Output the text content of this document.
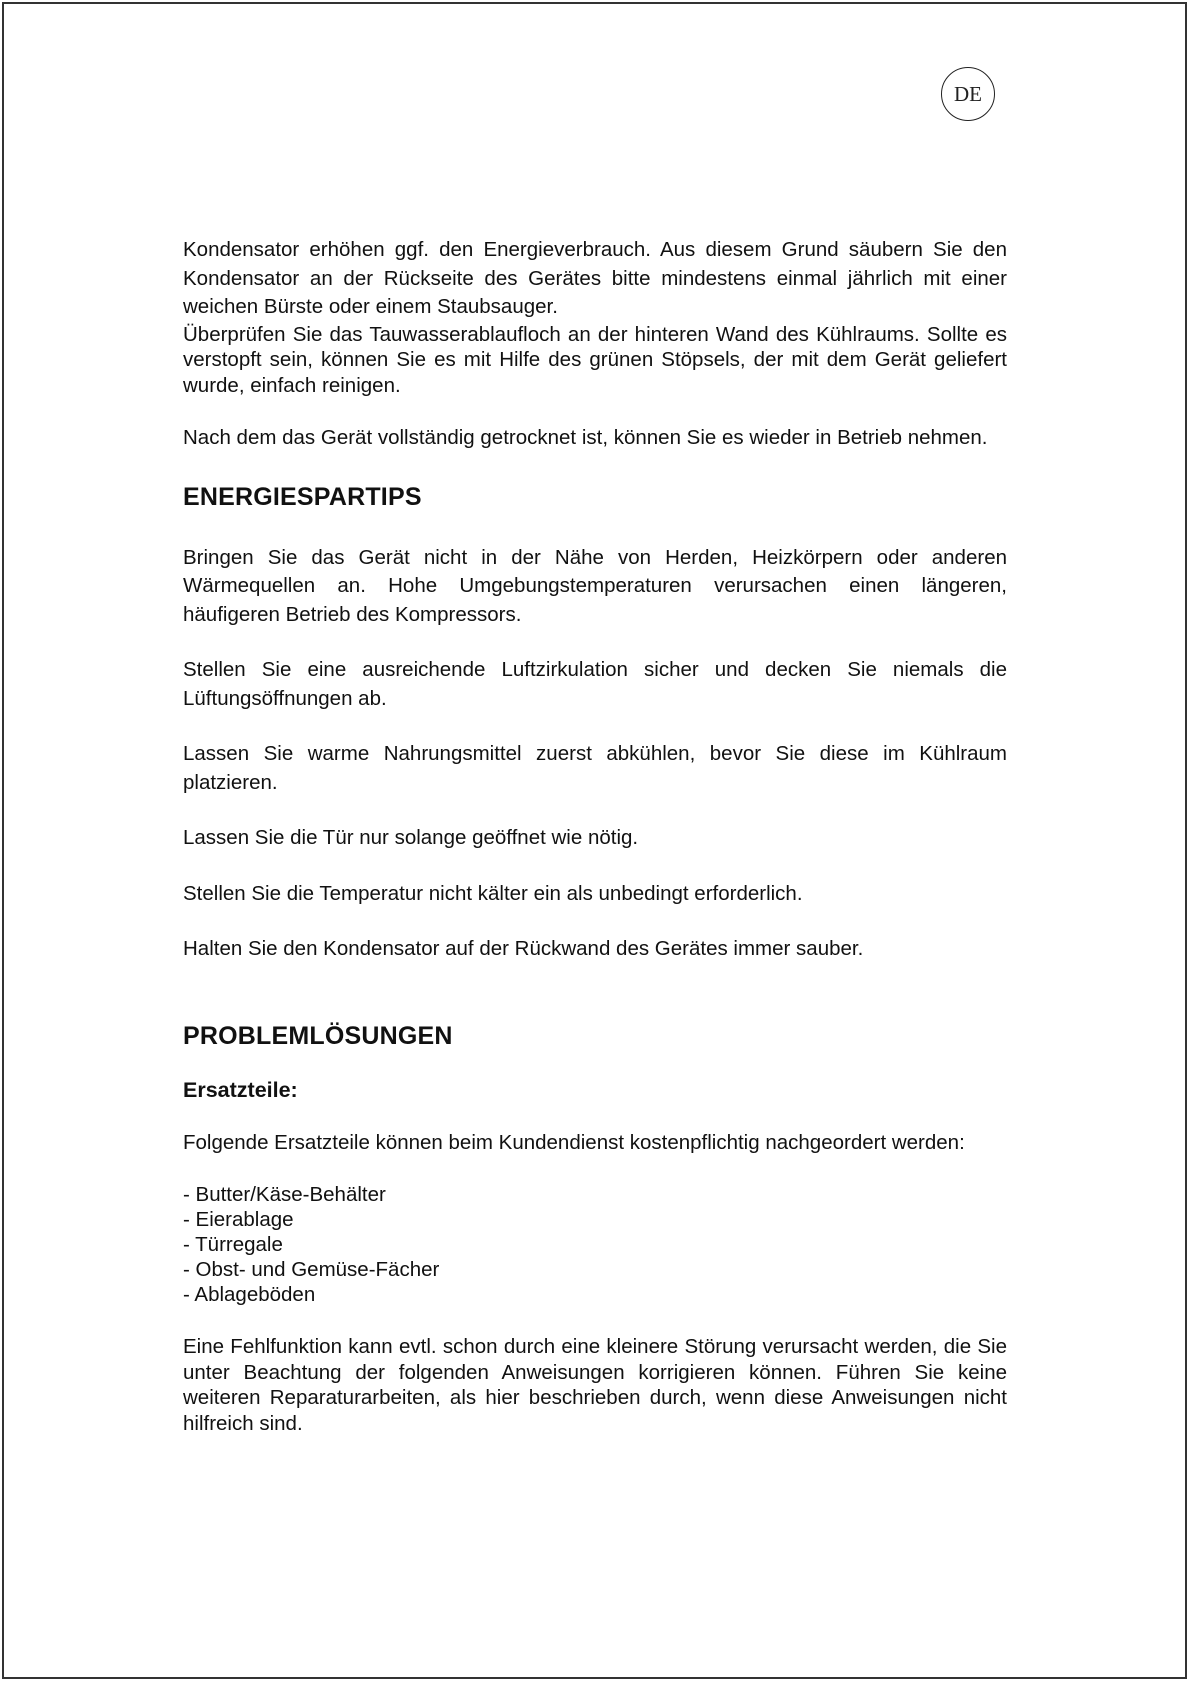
DE

Kondensator erhöhen ggf. den Energieverbrauch. Aus diesem Grund säubern Sie den Kondensator an der Rückseite des Gerätes bitte mindestens einmal jährlich mit einer weichen Bürste oder einem Staubsauger.

Überprüfen Sie das Tauwasserablaufloch an der hinteren Wand des Kühlraums. Sollte es verstopft sein, können Sie es mit Hilfe des grünen Stöpsels, der mit dem Gerät geliefert wurde, einfach reinigen.

Nach dem das Gerät vollständig getrocknet ist, können Sie es wieder in Betrieb nehmen.

ENERGIESPARTIPS

Bringen Sie das Gerät nicht in der Nähe von Herden, Heizkörpern oder anderen Wärmequellen an. Hohe Umgebungstemperaturen verursachen einen längeren, häufigeren Betrieb des Kompressors.

Stellen Sie eine ausreichende Luftzirkulation sicher und decken Sie niemals die Lüftungsöffnungen ab.

Lassen Sie warme Nahrungsmittel zuerst abkühlen, bevor Sie diese im Kühlraum platzieren.

Lassen Sie die Tür nur solange geöffnet wie nötig.

Stellen Sie die Temperatur nicht kälter ein als unbedingt erforderlich.

Halten Sie den Kondensator auf der Rückwand des Gerätes immer sauber.

PROBLEMLÖSUNGEN
Ersatzteile:

Folgende Ersatzteile können beim Kundendienst kostenpflichtig nachgeordert werden:

- Butter/Käse-Behälter
- Eierablage
- Türregale
- Obst- und Gemüse-Fächer
- Ablageböden

Eine Fehlfunktion kann evtl. schon durch eine kleinere Störung verursacht werden, die Sie unter Beachtung der folgenden Anweisungen korrigieren können. Führen Sie keine weiteren Reparaturarbeiten, als hier beschrieben durch, wenn diese Anweisungen nicht hilfreich sind.
